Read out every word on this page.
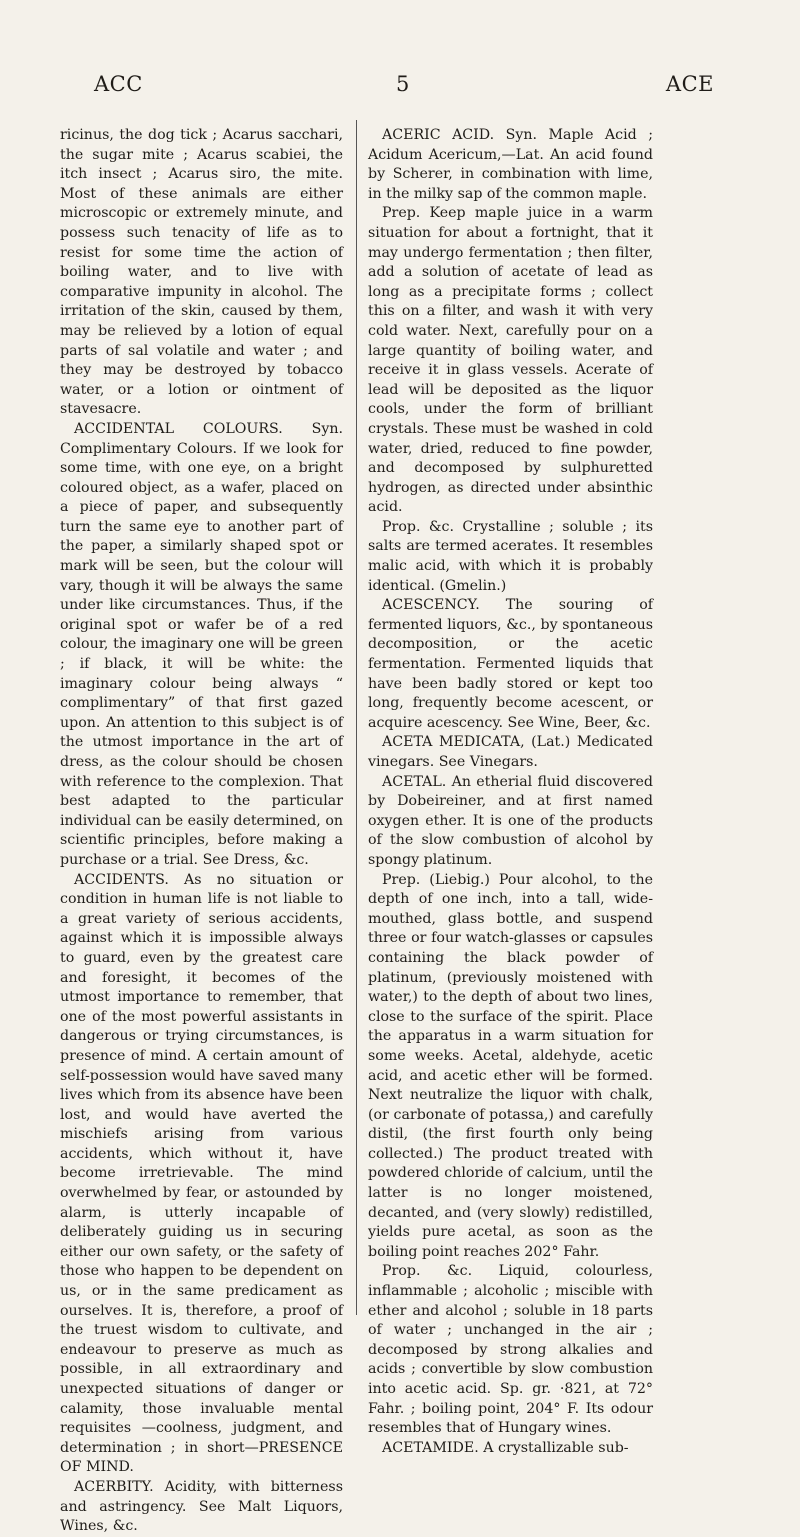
ACC	5	ACE

ricinus, the dog tick ; Acarus sacchari, the sugar mite ; Acarus scabiei, the itch insect ; Acarus siro, the mite. Most of these animals are either microscopic or extremely minute, and possess such tenacity of life as to resist for some time the action of boiling water, and to live with comparative impunity in alcohol. The irritation of the skin, caused by them, may be relieved by a lotion of equal parts of sal volatile and water ; and they may be destroyed by tobacco water, or a lotion or ointment of stavesacre.

ACCIDENTAL COLOURS. Syn. Complimentary Colours. If we look for some time, with one eye, on a bright coloured object, as a wafer, placed on a piece of paper, and subsequently turn the same eye to another part of the paper, a similarly shaped spot or mark will be seen, but the colour will vary, though it will be always the same under like circumstances. Thus, if the original spot or wafer be of a red colour, the imaginary one will be green ; if black, it will be white: the imaginary colour being always “ complimentary” of that first gazed upon. An attention to this subject is of the utmost importance in the art of dress, as the colour should be chosen with reference to the complexion. That best adapted to the particular individual can be easily determined, on scientific principles, before making a purchase or a trial. See Dress, &c.

ACCIDENTS. As no situation or condition in human life is not liable to a great variety of serious accidents, against which it is impossible always to guard, even by the greatest care and foresight, it becomes of the utmost importance to remember, that one of the most powerful assistants in dangerous or trying circumstances, is presence of mind. A certain amount of self-possession would have saved many lives which from its absence have been lost, and would have averted the mischiefs arising from various accidents, which without it, have become irretrievable. The mind overwhelmed by fear, or astounded by alarm, is utterly incapable of deliberately guiding us in securing either our own safety, or the safety of those who happen to be dependent on us, or in the same predicament as ourselves. It is, therefore, a proof of the truest wisdom to cultivate, and endeavour to preserve as much as possible, in all extraordinary and unexpected situations of danger or calamity, those invaluable mental requisites —coolness, judgment, and determination ; in short—PRESENCE OF MIND.

ACERBITY. Acidity, with bitterness and astringency. See Malt Liquors, Wines, &c.

ACERIC ACID. Syn. Maple Acid ; Acidum Acericum,—Lat. An acid found by Scherer, in combination with lime, in the milky sap of the common maple.

Prep. Keep maple juice in a warm situation for about a fortnight, that it may undergo fermentation ; then filter, add a solution of acetate of lead as long as a precipitate forms ; collect this on a filter, and wash it with very cold water. Next, carefully pour on a large quantity of boiling water, and receive it in glass vessels. Acerate of lead will be deposited as the liquor cools, under the form of brilliant crystals. These must be washed in cold water, dried, reduced to fine powder, and decomposed by sulphuretted hydrogen, as directed under absinthic acid.

Prop. &c. Crystalline ; soluble ; its salts are termed acerates. It resembles malic acid, with which it is probably identical. (Gmelin.)

ACESCENCY. The souring of fermented liquors, &c., by spontaneous decomposition, or the acetic fermentation. Fermented liquids that have been badly stored or kept too long, frequently become acescent, or acquire acescency. See Wine, Beer, &c.

ACETA MEDICATA, (Lat.) Medicated vinegars. See Vinegars.

ACETAL. An etherial fluid discovered by Dobeireiner, and at first named oxygen ether. It is one of the products of the slow combustion of alcohol by spongy platinum.

Prep. (Liebig.) Pour alcohol, to the depth of one inch, into a tall, wide-mouthed, glass bottle, and suspend three or four watch-glasses or capsules containing the black powder of platinum, (previously moistened with water,) to the depth of about two lines, close to the surface of the spirit. Place the apparatus in a warm situation for some weeks. Acetal, aldehyde, acetic acid, and acetic ether will be formed. Next neutralize the liquor with chalk, (or carbonate of potassa,) and carefully distil, (the first fourth only being collected.) The product treated with powdered chloride of calcium, until the latter is no longer moistened, decanted, and (very slowly) redistilled, yields pure acetal, as soon as the boiling point reaches 202° Fahr.

Prop. &c. Liquid, colourless, inflammable ; alcoholic ; miscible with ether and alcohol ; soluble in 18 parts of water ; unchanged in the air ; decomposed by strong alkalies and acids ; convertible by slow combustion into acetic acid. Sp. gr. ·821, at 72° Fahr. ; boiling point, 204° F. Its odour resembles that of Hungary wines.

ACETAMIDE. A crystallizable sub-
